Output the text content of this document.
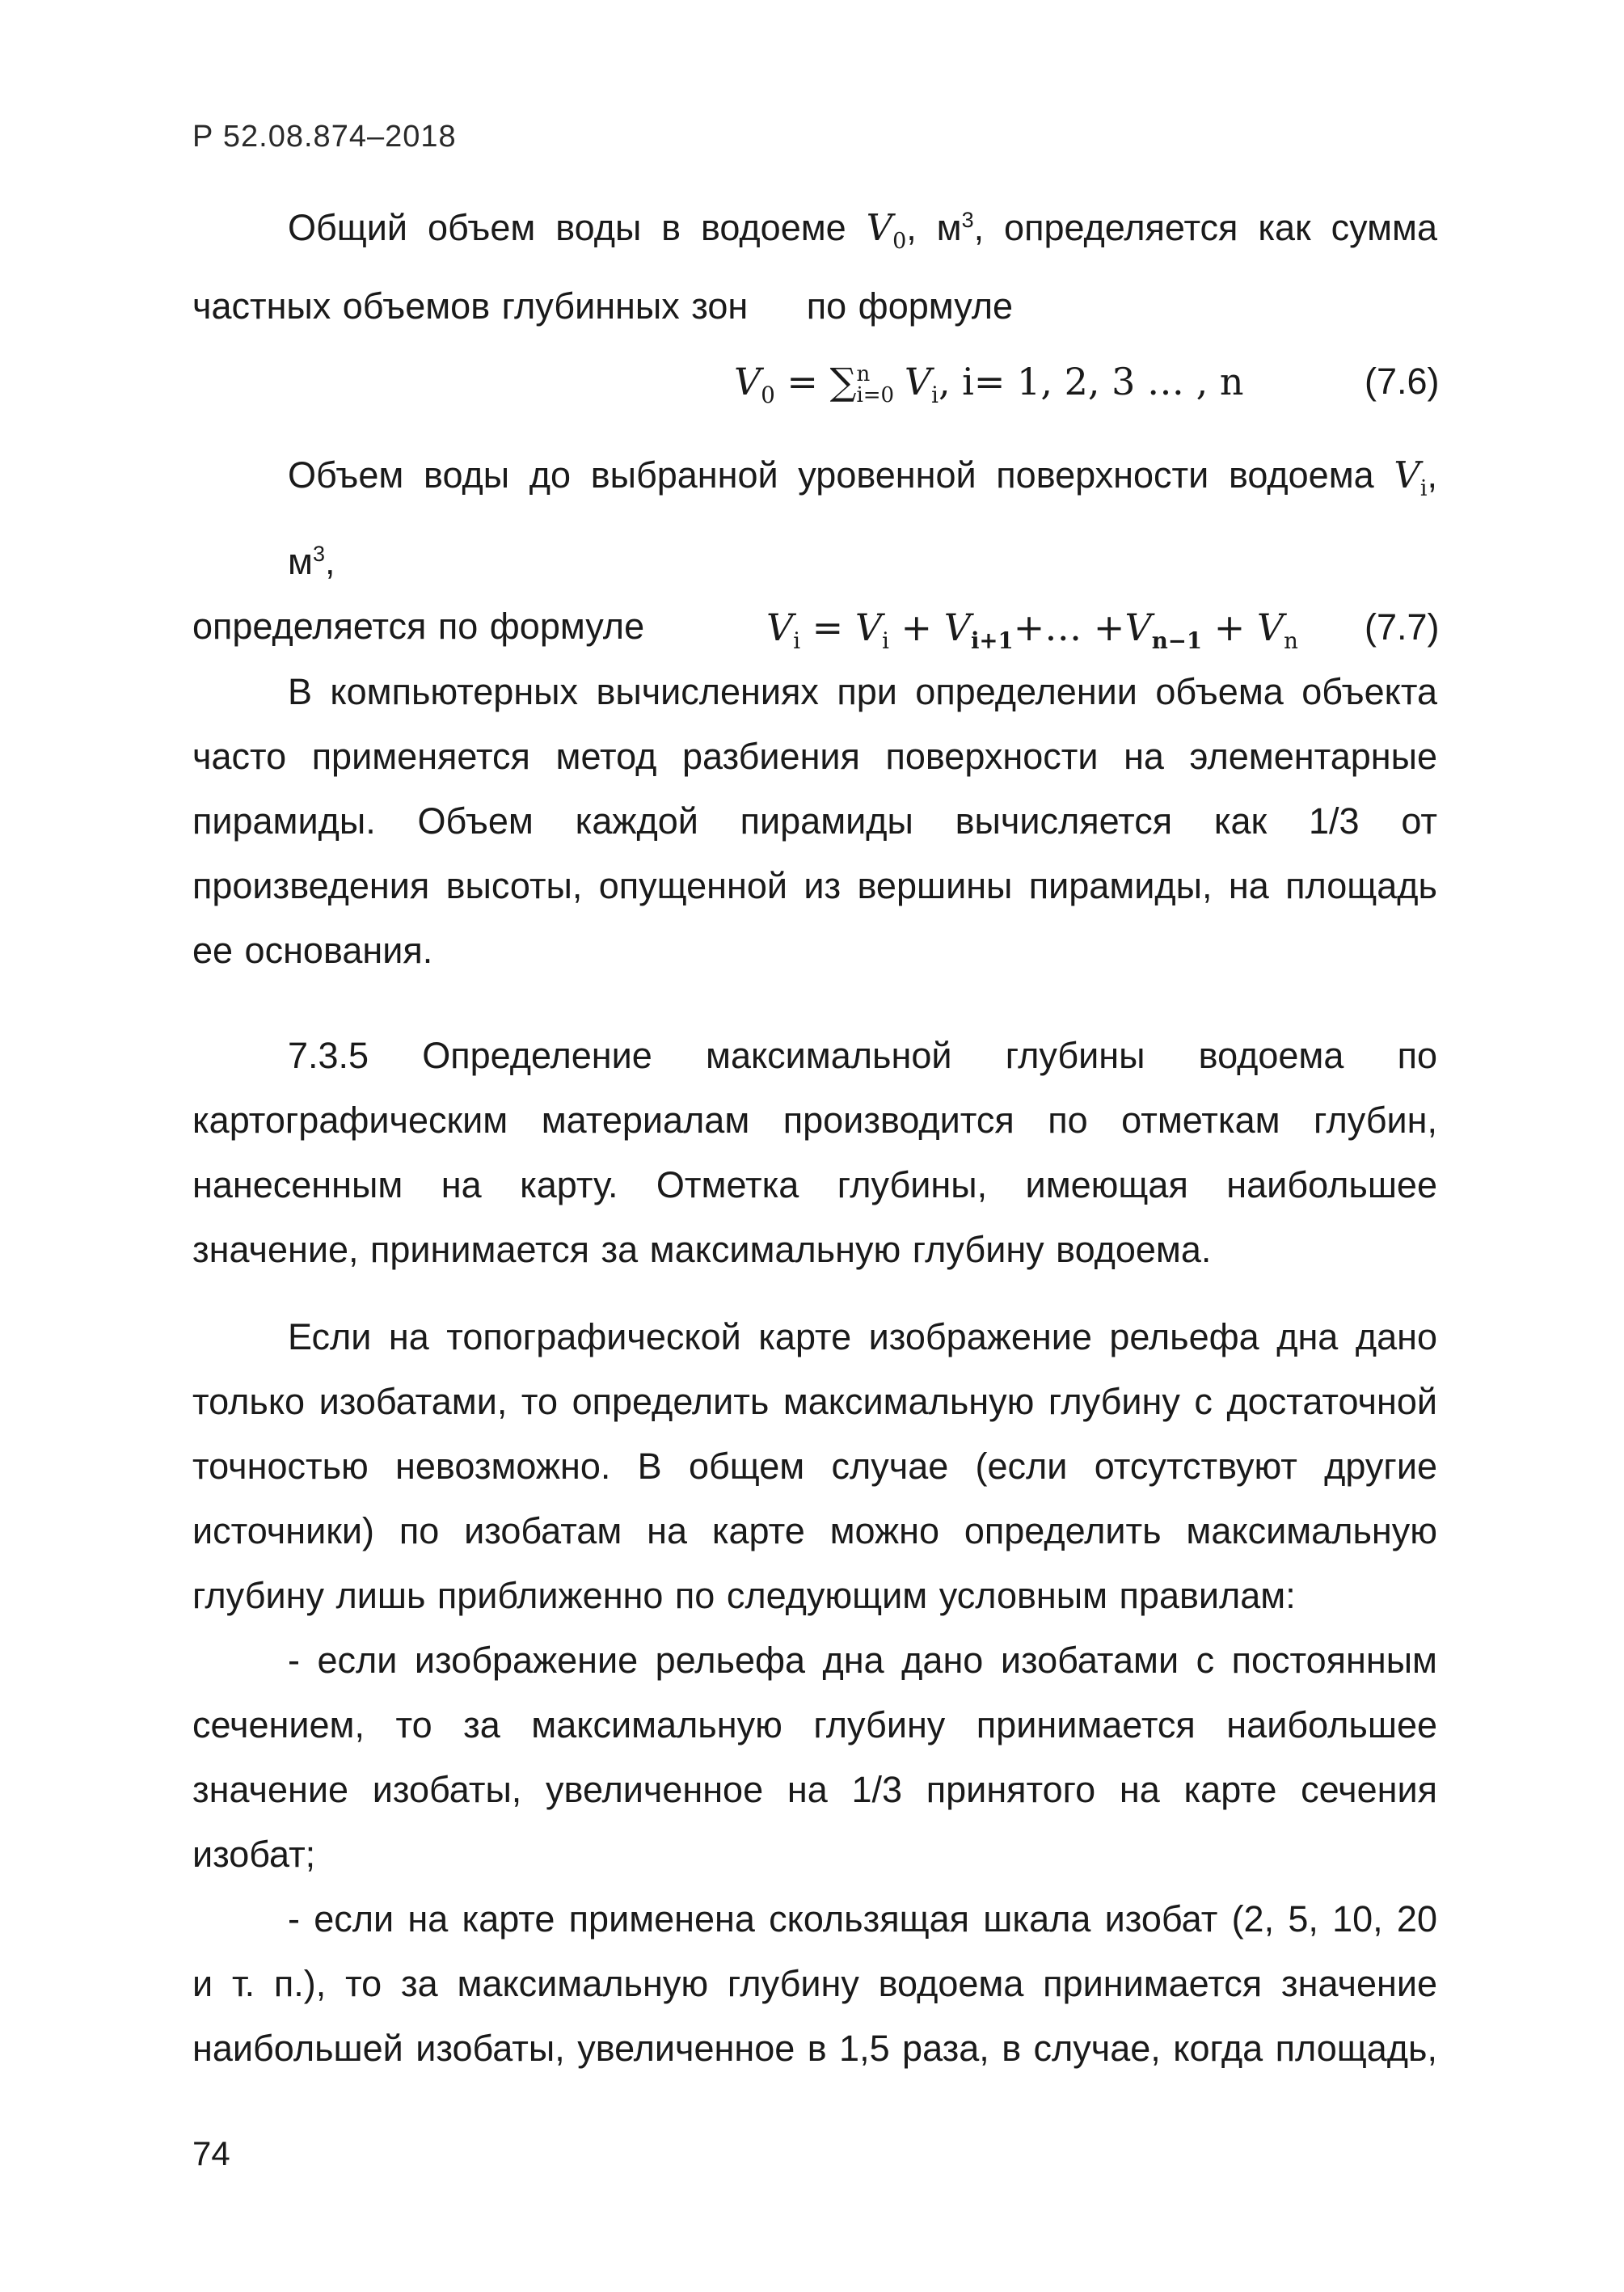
Р 52.08.874–2018
Общий объем воды в водоеме $V_0$, $м^3$, определяется как сумма
частных объемов глубинных зон     по формуле
$V_0$ = ∑ n
i=0 $V_i$, i= 1, 2, 3 … , n	(7.6)
Объем воды до выбранной уровенной поверхности водоема $V_i$, $м^3$,
определяется по формуле	$V_i = V_i$ + $V_{i+1}+\dots +V_{n-1} + V_n$ (7.7)
В компьютерных вычислениях при определении объема объекта
часто применяется метод разбиения поверхности на элементарные
пирамиды. Объем каждой пирамиды вычисляется как 1/3 от
произведения высоты, опущенной из вершины пирамиды, на площадь
ее основания.
7.3.5 Определение максимальной глубины водоема по
картографическим материалам производится по отметкам глубин,
нанесенным на карту. Отметка глубины, имеющая наибольшее
значение, принимается за максимальную глубину водоема.
Если на топографической карте изображение рельефа дна дано
только изобатами, то определить максимальную глубину с достаточной
точностью невозможно. В общем случае (если отсутствуют другие
источники) по изобатам на карте можно определить максимальную
глубину лишь приближенно по следующим условным правилам:
- если изображение рельефа дна дано изобатами с постоянным
сечением, то за максимальную глубину принимается наибольшее
значение изобаты, увеличенное на 1/3 принятого на карте сечения
изобат;
- если на карте применена скользящая шкала изобат (2, 5, 10, 20
и т. п.), то за максимальную глубину водоема принимается значение
наибольшей изобаты, увеличенное в 1,5 раза, в случае, когда площадь,
74
